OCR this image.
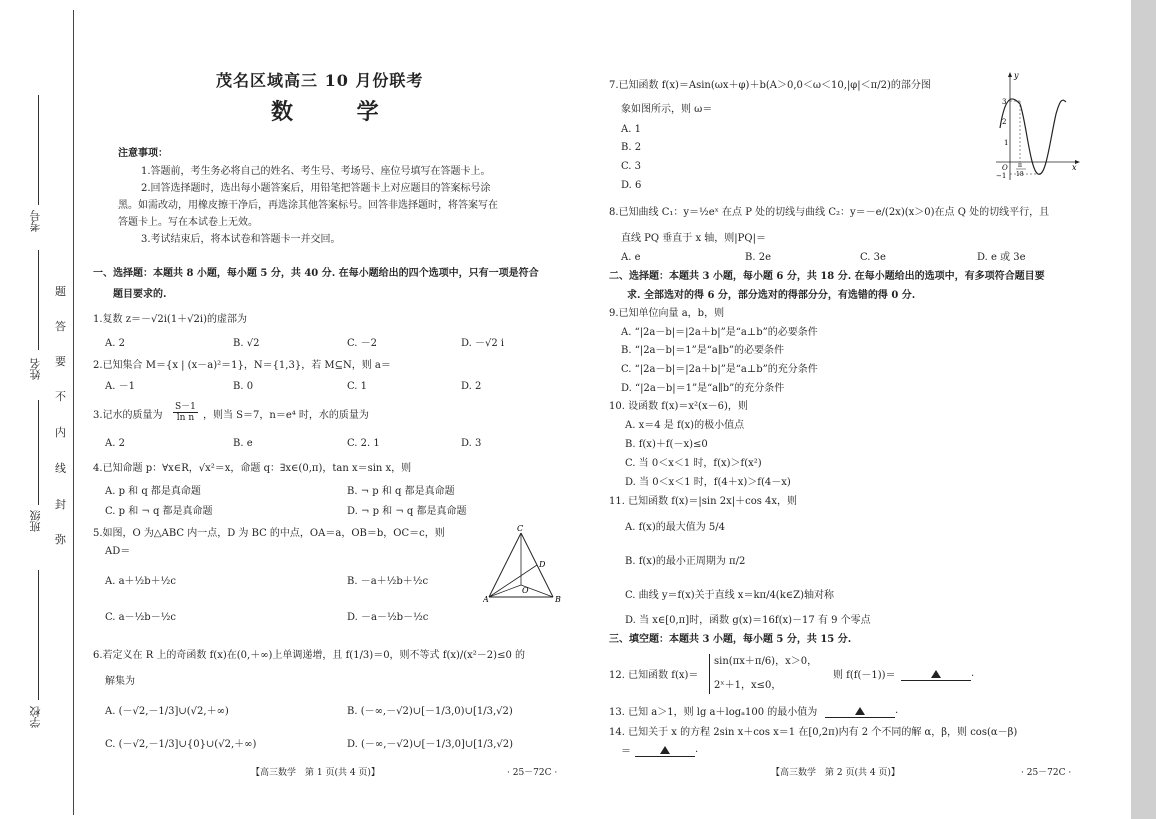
考号
姓名
班级
学校
题
答
要
不
内
线
封
弥
茂名区域高三 10 月份联考
数 学
注意事项：
1.答题前，考生务必将自己的姓名、考生号、考场号、座位号填写在答题卡上。
2.回答选择题时，选出每小题答案后，用铅笔把答题卡上对应题目的答案标号涂
黑。如需改动，用橡皮擦干净后，再选涂其他答案标号。回答非选择题时，将答案写在
答题卡上。写在本试卷上无效。
3.考试结束后，将本试卷和答题卡一并交回。
一、选择题：本题共 8 小题，每小题 5 分，共 40 分. 在每小题给出的四个选项中，只有一项是符合
题目要求的.
1.复数 z＝－√2i(1＋√2i)的虚部为
A. 2	B. √2	C. －2	D. －√2 i
2.已知集合 M＝{x | (x－a)²＝1}，N＝{1,3}，若 M⊆N，则 a＝
A. －1	B. 0	C. 1	D. 2
3.记水的质量为 $\frac{S-1}{\text{ln n}}$ ，则当 S＝7，n＝e⁴ 时，水的质量为
A. 2	B. e	C. 2. 1	D. 3
4.已知命题 p：∀x∈R，√x²＝x，命题 q：∃x∈(0,π)，tan x＝sin x，则
A. p 和 q 都是真命题	B. ¬ p 和 q 都是真命题
C. p 和 ¬ q 都是真命题	D. ¬ p 和 ¬ q 都是真命题
5.如图，O 为△ABC 内一点，D 为 BC 的中点，OA＝a，OB＝b，OC＝c，则
AD＝
A. a＋½b＋½c	B. －a＋½b＋½c
C. a－½b－½c	D. －a－½b－½c
A	B
C
D
O
6.若定义在 R 上的奇函数 f(x)在(0,＋∞)上单调递增，且 f(1/3)＝0，则不等式 f(x)/(x²－2)≤0 的
解集为
A. (－√2,－1/3]∪(√2,＋∞)	B. (－∞,－√2)∪[－1/3,0)∪[1/3,√2)
C. (－√2,－1/3]∪{0}∪(√2,＋∞)	D. (－∞,－√2)∪[－1/3,0]∪[1/3,√2)
【高三数学　第 1 页(共 4 页)】	· 25－72C ·
7.已知函数 f(x)＝Asin(ωx＋φ)＋b(A＞0,0＜ω＜10,|φ|＜π/2)的部分图
象如图所示，则 ω＝
A. 1
B. 2
C. 3
D. 6
y
x
O
3
2
1
−1
π
18
8.已知曲线 C₁：y＝½eˣ 在点 P 处的切线与曲线 C₂：y＝－e/(2x)(x＞0)在点 Q 处的切线平行，且
直线 PQ 垂直于 x 轴，则|PQ|＝
A. e	B. 2e	C. 3e	D. e 或 3e
二、选择题：本题共 3 小题，每小题 6 分，共 18 分. 在每小题给出的选项中，有多项符合题目要
求. 全部选对的得 6 分，部分选对的得部分分，有选错的得 0 分.
9.已知单位向量 a，b，则
A. “|2a－b|＝|2a＋b|”是“a⊥b”的必要条件
B. “|2a－b|＝1”是“a∥b”的必要条件
C. “|2a－b|＝|2a＋b|”是“a⊥b”的充分条件
D. “|2a－b|＝1”是“a∥b”的充分条件
10. 设函数 f(x)＝x²(x－6)，则
A. x＝4 是 f(x)的极小值点
B. f(x)＋f(－x)≤0
C. 当 0＜x＜1 时，f(x)＞f(x²)
D. 当 0＜x＜1 时，f(4＋x)＞f(4－x)
11. 已知函数 f(x)＝|sin 2x|＋cos 4x，则
A. f(x)的最大值为 5/4
B. f(x)的最小正周期为 π/2
C. 曲线 y＝f(x)关于直线 x＝kπ/4(k∈Z)轴对称
D. 当 x∈[0,π]时，函数 g(x)＝16f(x)－17 有 9 个零点
三、填空题：本题共 3 小题，每小题 5 分，共 15 分.
12. 已知函数 f(x)＝
sin(πx＋π/6)，x＞0，
2ˣ＋1，x≤0，
则 f(f(－1))＝	.
13. 已知 a＞1，则 lg a＋logₐ100 的最小值为	.
14. 已知关于 x 的方程 2sin x＋cos x＝1 在[0,2π)内有 2 个不同的解 α，β，则 cos(α－β)
＝	.
【高三数学　第 2 页(共 4 页)】	· 25－72C ·
